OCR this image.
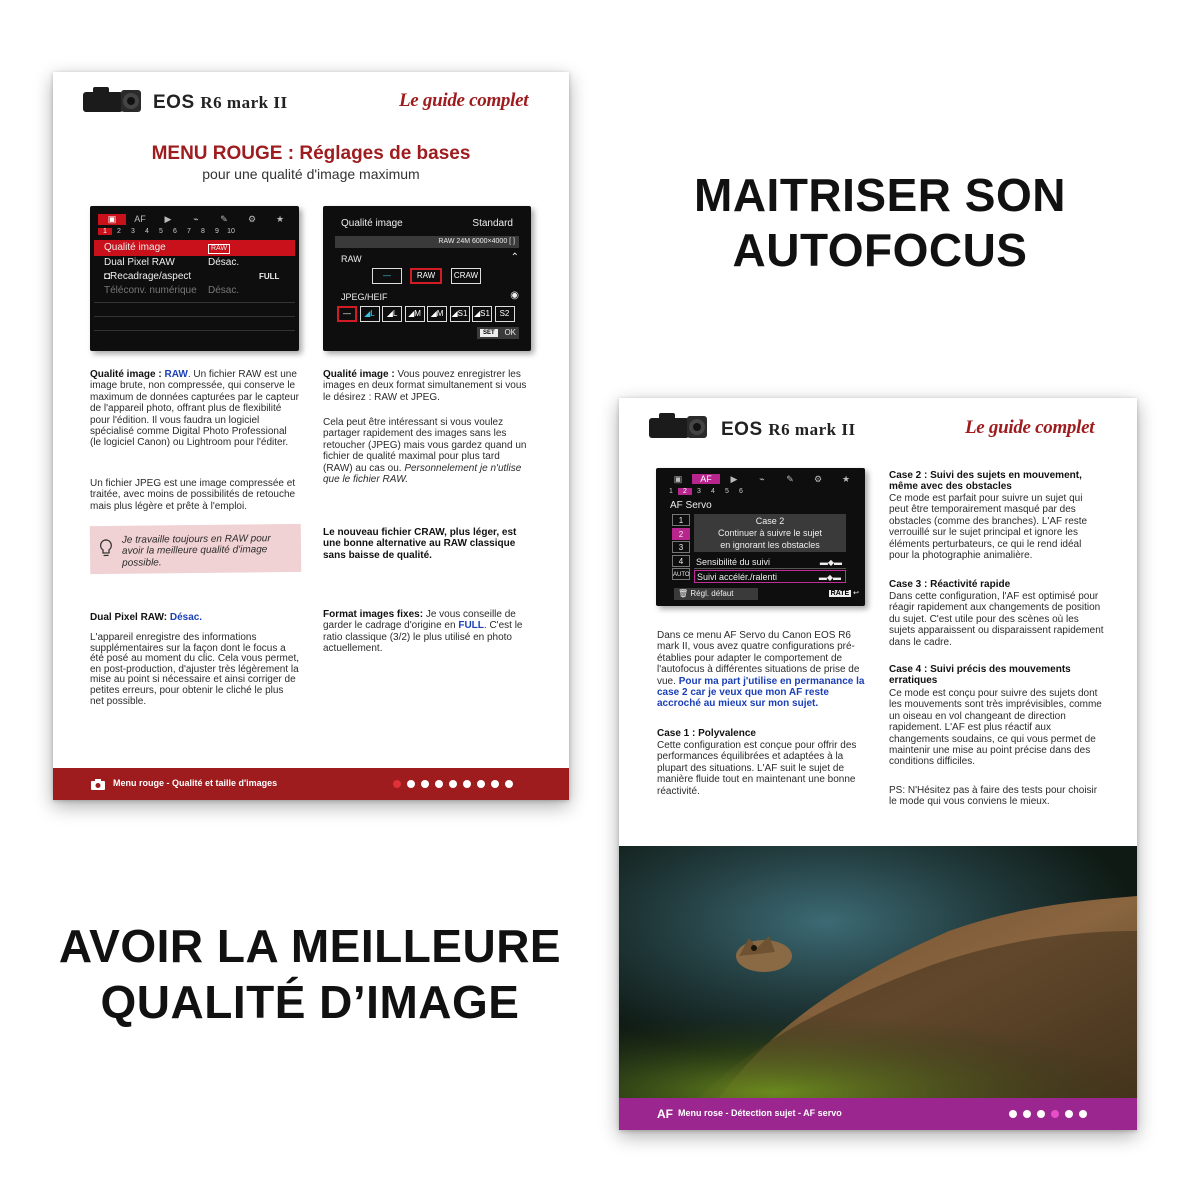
MAITRISER SON
AUTOFOCUS
AVOIR LA MEILLEURE
QUALITÉ D’IMAGE
EOS R6 mark II	Le guide complet
MENU ROUGE : Réglages de bases
pour une qualité d'image maximum
▣	AF	▶	⌁	✎	⚙	★
1	2	3	4	5	6	7	8	9	10
Qualité image	RAW
Dual Pixel RAW	Désac.
◘Recadrage/aspect	FULL
Téléconv. numérique Désac.
Qualité image	Standard
RAW 24M 6000×4000 [ ]
RAW	⌃
—	RAW	CRAW
JPEG/HEIF	◉
—	◢L	◢L	◢M	◢M	◢S1 ◢S1	S2
SET	OK
Qualité image : RAW. Un fichier RAW est une image brute, non compressée, qui conserve le maximum de données capturées par le capteur de l'appareil photo, offrant plus de flexibilité pour l'édition. Il vous faudra un logiciel spécialisé comme Digital Photo Professional (le logiciel Canon) ou Lightroom pour l'éditer.
Un fichier JPEG est une image compressée et traitée, avec moins de possibilités de retouche mais plus légère et prête à l'emploi.
Je travaille toujours en RAW pour avoir la meilleure qualité d'image possible.
Dual Pixel RAW: Désac.
L'appareil enregistre des informations supplémentaires sur la façon dont le focus a été posé au moment du clic. Cela vous permet, en post-production, d'ajuster très légèrement la mise au point si nécessaire et ainsi corriger de petites erreurs, pour obtenir le cliché le plus net possible.
Qualité image : Vous pouvez enregistrer les images en deux format simultanement si vous le désirez : RAW et JPEG.
Cela peut être intéressant si vous voulez partager rapidement des images sans les retoucher (JPEG) mais vous gardez quand un fichier de qualité maximal pour plus tard (RAW) au cas ou. Personnelement je n'utlise que le fichier RAW.
Le nouveau fichier CRAW, plus léger, est une bonne alternative au RAW classique sans baisse de qualité.
Format images fixes: Je vous conseille de garder le cadrage d'origine en FULL. C'est le ratio classique (3/2) le plus utilisé en photo actuellement.
Menu rouge - Qualité et taille d'images
EOS R6 mark II	Le guide complet
▣	AF	▶	⌁	✎	⚙	★
1	2	3	4	5	6
AF Servo
Case 2
Continuer à suivre le sujet
en ignorant les obstacles
1
2
3
4
AUTO
Sensibilité du suivi	▬◆▬
Suivi accélér./ralenti	▬◆▬
🗑 Régl. défaut	RATE ↩
Dans ce menu AF Servo du Canon EOS R6 mark II, vous avez quatre configurations pré-établies pour adapter le comportement de l'autofocus à différentes situations de prise de vue. Pour ma part j'utilise en permanance la case 2 car je veux que mon AF reste accroché au mieux sur mon sujet.
Case 1 : Polyvalence
Cette configuration est conçue pour offrir des performances équilibrées et adaptées à la plupart des situations. L'AF suit le sujet de manière fluide tout en maintenant une bonne réactivité.
Case 2 : Suivi des sujets en mouvement, même avec des obstacles
Ce mode est parfait pour suivre un sujet qui peut être temporairement masqué par des obstacles (comme des branches). L'AF reste verrouillé sur le sujet principal et ignore les éléments perturbateurs, ce qui le rend idéal pour la photographie animalière.
Case 3 : Réactivité rapide
Dans cette configuration, l'AF est optimisé pour réagir rapidement aux changements de position du sujet. C'est utile pour des scènes où les sujets apparaissent ou disparaissent rapidement dans le cadre.
Case 4 : Suivi précis des mouvements erratiques
Ce mode est conçu pour suivre des sujets dont les mouvements sont très imprévisibles, comme un oiseau en vol changeant de direction rapidement. L'AF est plus réactif aux changements soudains, ce qui vous permet de maintenir une mise au point précise dans des conditions difficiles.
PS: N'Hésitez pas à faire des tests pour choisir le mode qui vous conviens le mieux.
AF Menu rose - Détection sujet - AF servo
